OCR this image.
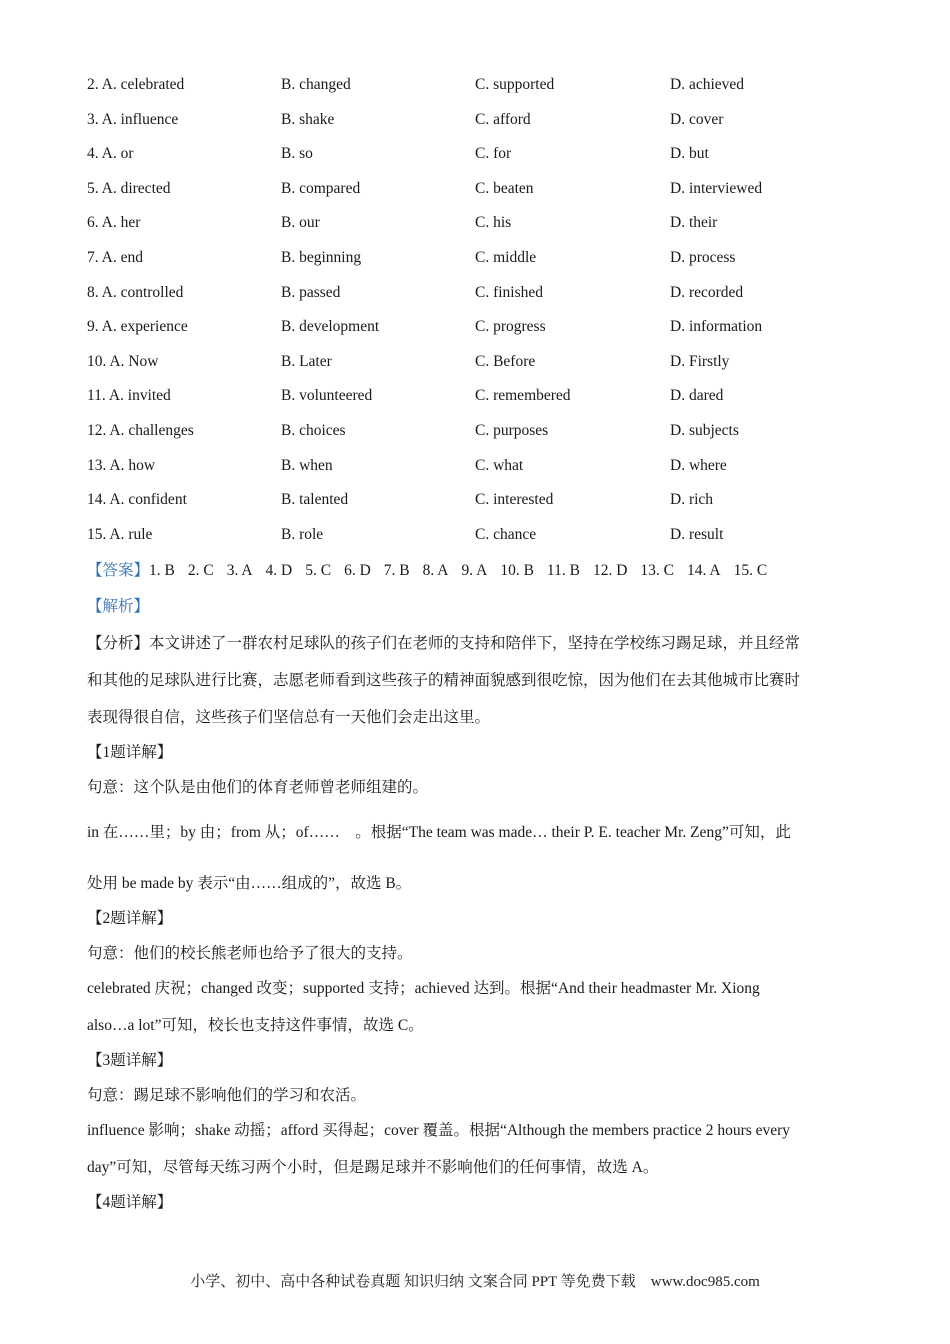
2. A. celebrated	B. changed	C. supported	D. achieved
3. A. influence	B. shake	C. afford	D. cover
4. A. or	B. so	C. for	D. but
5. A. directed	B. compared	C. beaten	D. interviewed
6. A. her	B. our	C. his	D. their
7. A. end	B. beginning	C. middle	D. process
8. A. controlled	B. passed	C. finished	D. recorded
9. A. experience	B. development	C. progress	D. information
10. A. Now	B. Later	C. Before	D. Firstly
11. A. invited	B. volunteered	C. remembered	D. dared
12. A. challenges	B. choices	C. purposes	D. subjects
13. A. how	B. when	C. what	D. where
14. A. confident	B. talented	C. interested	D. rich
15. A. rule	B. role	C. chance	D. result
【答案】1. B 2. C 3. A 4. D 5. C 6. D 7. B 8. A 9. A 10. B 11. B 12. D 13. C 14. A 15. C
【解析】
【分析】本文讲述了一群农村足球队的孩子们在老师的支持和陪伴下，坚持在学校练习踢足球，并且经常
和其他的足球队进行比赛，志愿老师看到这些孩子的精神面貌感到很吃惊，因为他们在去其他城市比赛时
表现得很自信，这些孩子们坚信总有一天他们会走出这里。
【1题详解】
句意：这个队是由他们的体育老师曾老师组建的。
in 在……里；by 由；from 从；of……　。根据“The team was made… their P. E. teacher Mr. Zeng”可知，此
处用 be made by 表示“由……组成的”，故选 B。
【2题详解】
句意：他们的校长熊老师也给予了很大的支持。
celebrated 庆祝；changed 改变；supported 支持；achieved 达到。根据“And their headmaster Mr. Xiong
also…a lot”可知，校长也支持这件事情，故选 C。
【3题详解】
句意：踢足球不影响他们的学习和农活。
influence 影响；shake 动摇；afford 买得起；cover 覆盖。根据“Although the members practice 2 hours every
day”可知，尽管每天练习两个小时，但是踢足球并不影响他们的任何事情，故选 A。
【4题详解】
小学、初中、高中各种试卷真题 知识归纳 文案合同 PPT 等免费下载　www.doc985.com
